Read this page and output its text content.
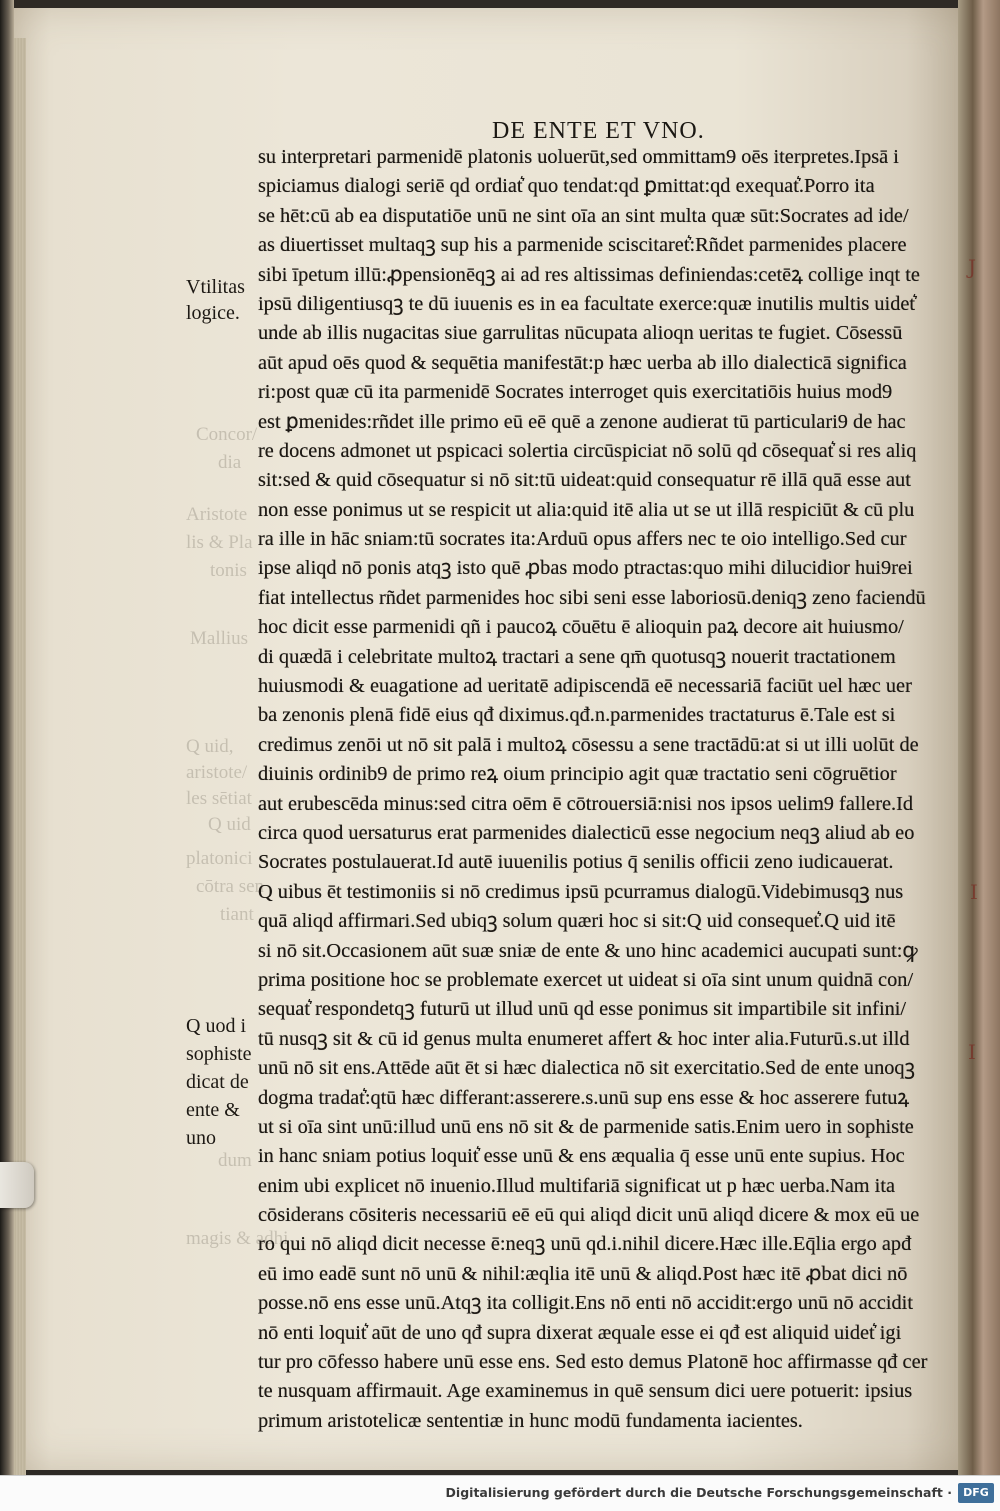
J
I
I
Concor/
dia
Aristote
lis & Pla
tonis
Mallius
Q uid,
aristote/
les sētiat
Q uid
platonici
cōtra sen
tiant
dum
magis & adhi
DE ENTE ET VNO.
Vtilitas
logice.
Q uod i
sophiste
dicat de
ente &
uno
su interpretari parmenidē platonis uoluerūt,sed ommittam9 oēs iterpretes.Ipsā i
spiciamus dialogi seriē qd ordiat͛ quo tendat:qd ꝑmittat:qd exequat͛.Porro ita
se hēt:cū ab ea disputatiōe unū ne sint oīa an sint multa quæ sūt:Socrates ad ide/
as diuertisset multaqꝫ sup his a parmenide sciscitaret͛:Rñdet parmenides placere
sibi īpetum illū:ꝓpensionēqꝫ ai ad res altissimas definiendas:cetēꝝ collige inqt te
ipsū diligentiusqꝫ te dū iuuenis es in ea facultate exerce:quæ inutilis multis uidet͛
unde ab illis nugacitas siue garrulitas nūcupata alioqn ueritas te fugiet. Cōsessū
aūt apud oēs quod & sequētia manifestāt:p hæc uerba ab illo dialecticā significa
ri:post quæ cū ita parmenidē Socrates interroget quis exercitatiōis huius mod9
est ꝑmenides:rñdet ille primo eū eē quē a zenone audierat tū particulari9 de hac
re docens admonet ut pspicaci solertia circūspiciat nō solū qd cōsequat͛ si res aliq
sit:sed & quid cōsequatur si nō sit:tū uideat:quid consequatur rē illā quā esse aut
non esse ponimus ut se respicit ut alia:quid itē alia ut se ut illā respiciūt & cū plu
ra ille in hāc sniam:tū socrates ita:Arduū opus affers nec te oio intelligo.Sed cur
ipse aliqd nō ponis atqꝫ isto quē ꝓbas modo ptractas:quo mihi dilucidior hui9rei
fiat intellectus rñdet parmenides hoc sibi seni esse laboriosū.deniqꝫ zeno faciendū
hoc dicit esse parmenidi qñ i paucoꝝ cōuētu ē alioquin paꝝ decore ait huiusmo/
di quædā i celebritate multoꝝ tractari a sene qm̄ quotusqꝫ nouerit tractationem
huiusmodi & euagatione ad ueritatē adipiscendā eē necessariā faciūt uel hæc uer
ba zenonis plenā fidē eius qđ diximus.qđ.n.parmenides tractaturus ē.Tale est si
credimus zenōi ut nō sit palā i multoꝝ cōsessu a sene tractādū:at si ut illi uolūt de
diuinis ordinib9 de primo reꝝ oium principio agit quæ tractatio seni cōgruētior
aut erubescēda minus:sed citra oēm ē cōtrouersiā:nisi nos ipsos uelim9 fallere.Id
circa quod uersaturus erat parmenides dialecticū esse negocium neqꝫ aliud ab eo
Socrates postulauerat.Id autē iuuenilis potius q̄ senilis officii zeno iudicauerat.
Q uibus ēt testimoniis si nō credimus ipsū pcurramus dialogū.Videbimusqꝫ nus
quā aliqd affirmari.Sed ubiqꝫ solum quæri hoc si sit:Q uid consequet͛.Q uid itē
si nō sit.Occasionem aūt suæ sniæ de ente & uno hinc academici aucupati sunt:ꝙ
prima positione hoc se problemate exercet ut uideat si oīa sint unum quidnā con/
sequat͛ respondetqꝫ futurū ut illud unū qd esse ponimus sit impartibile sit infini/
tū nusqꝫ sit & cū id genus multa enumeret affert & hoc inter alia.Futurū.s.ut illd
unū nō sit ens.Attēde aūt ēt si hæc dialectica nō sit exercitatio.Sed de ente unoqꝫ
dogma tradat͛:qtū hæc differant:asserere.s.unū sup ens esse & hoc asserere futuꝝ
ut si oīa sint unū:illud unū ens nō sit & de parmenide satis.Enim uero in sophiste
in hanc sniam potius loquit͛ esse unū & ens æqualia q̄ esse unū ente supius. Hoc
enim ubi explicet nō inuenio.Illud multifariā significat ut p hæc uerba.Nam ita
cōsiderans cōsiteris necessariū eē eū qui aliqd dicit unū aliqd dicere & mox eū ue
ro qui nō aliqd dicit necesse ē:neqꝫ unū qd.i.nihil dicere.Hæc ille.Eq̄lia ergo apđ
eū imo eadē sunt nō unū & nihil:æqlia itē unū & aliqd.Post hæc itē ꝓbat dici nō
posse.nō ens esse unū.Atqꝫ ita colligit.Ens nō enti nō accidit:ergo unū nō accidit
nō enti loquit͛ aūt de uno qđ supra dixerat æquale esse ei qđ est aliquid uidet͛ igi
tur pro cōfesso habere unū esse ens. Sed esto demus Platonē hoc affirmasse qđ cer
te nusquam affirmauit. Age examinemus in quē sensum dici uere potuerit: ipsius
primum aristotelicæ sententiæ in hunc modū fundamenta iacientes.
Digitalisierung gefördert durch die Deutsche Forschungsgemeinschaft ·	DFG
